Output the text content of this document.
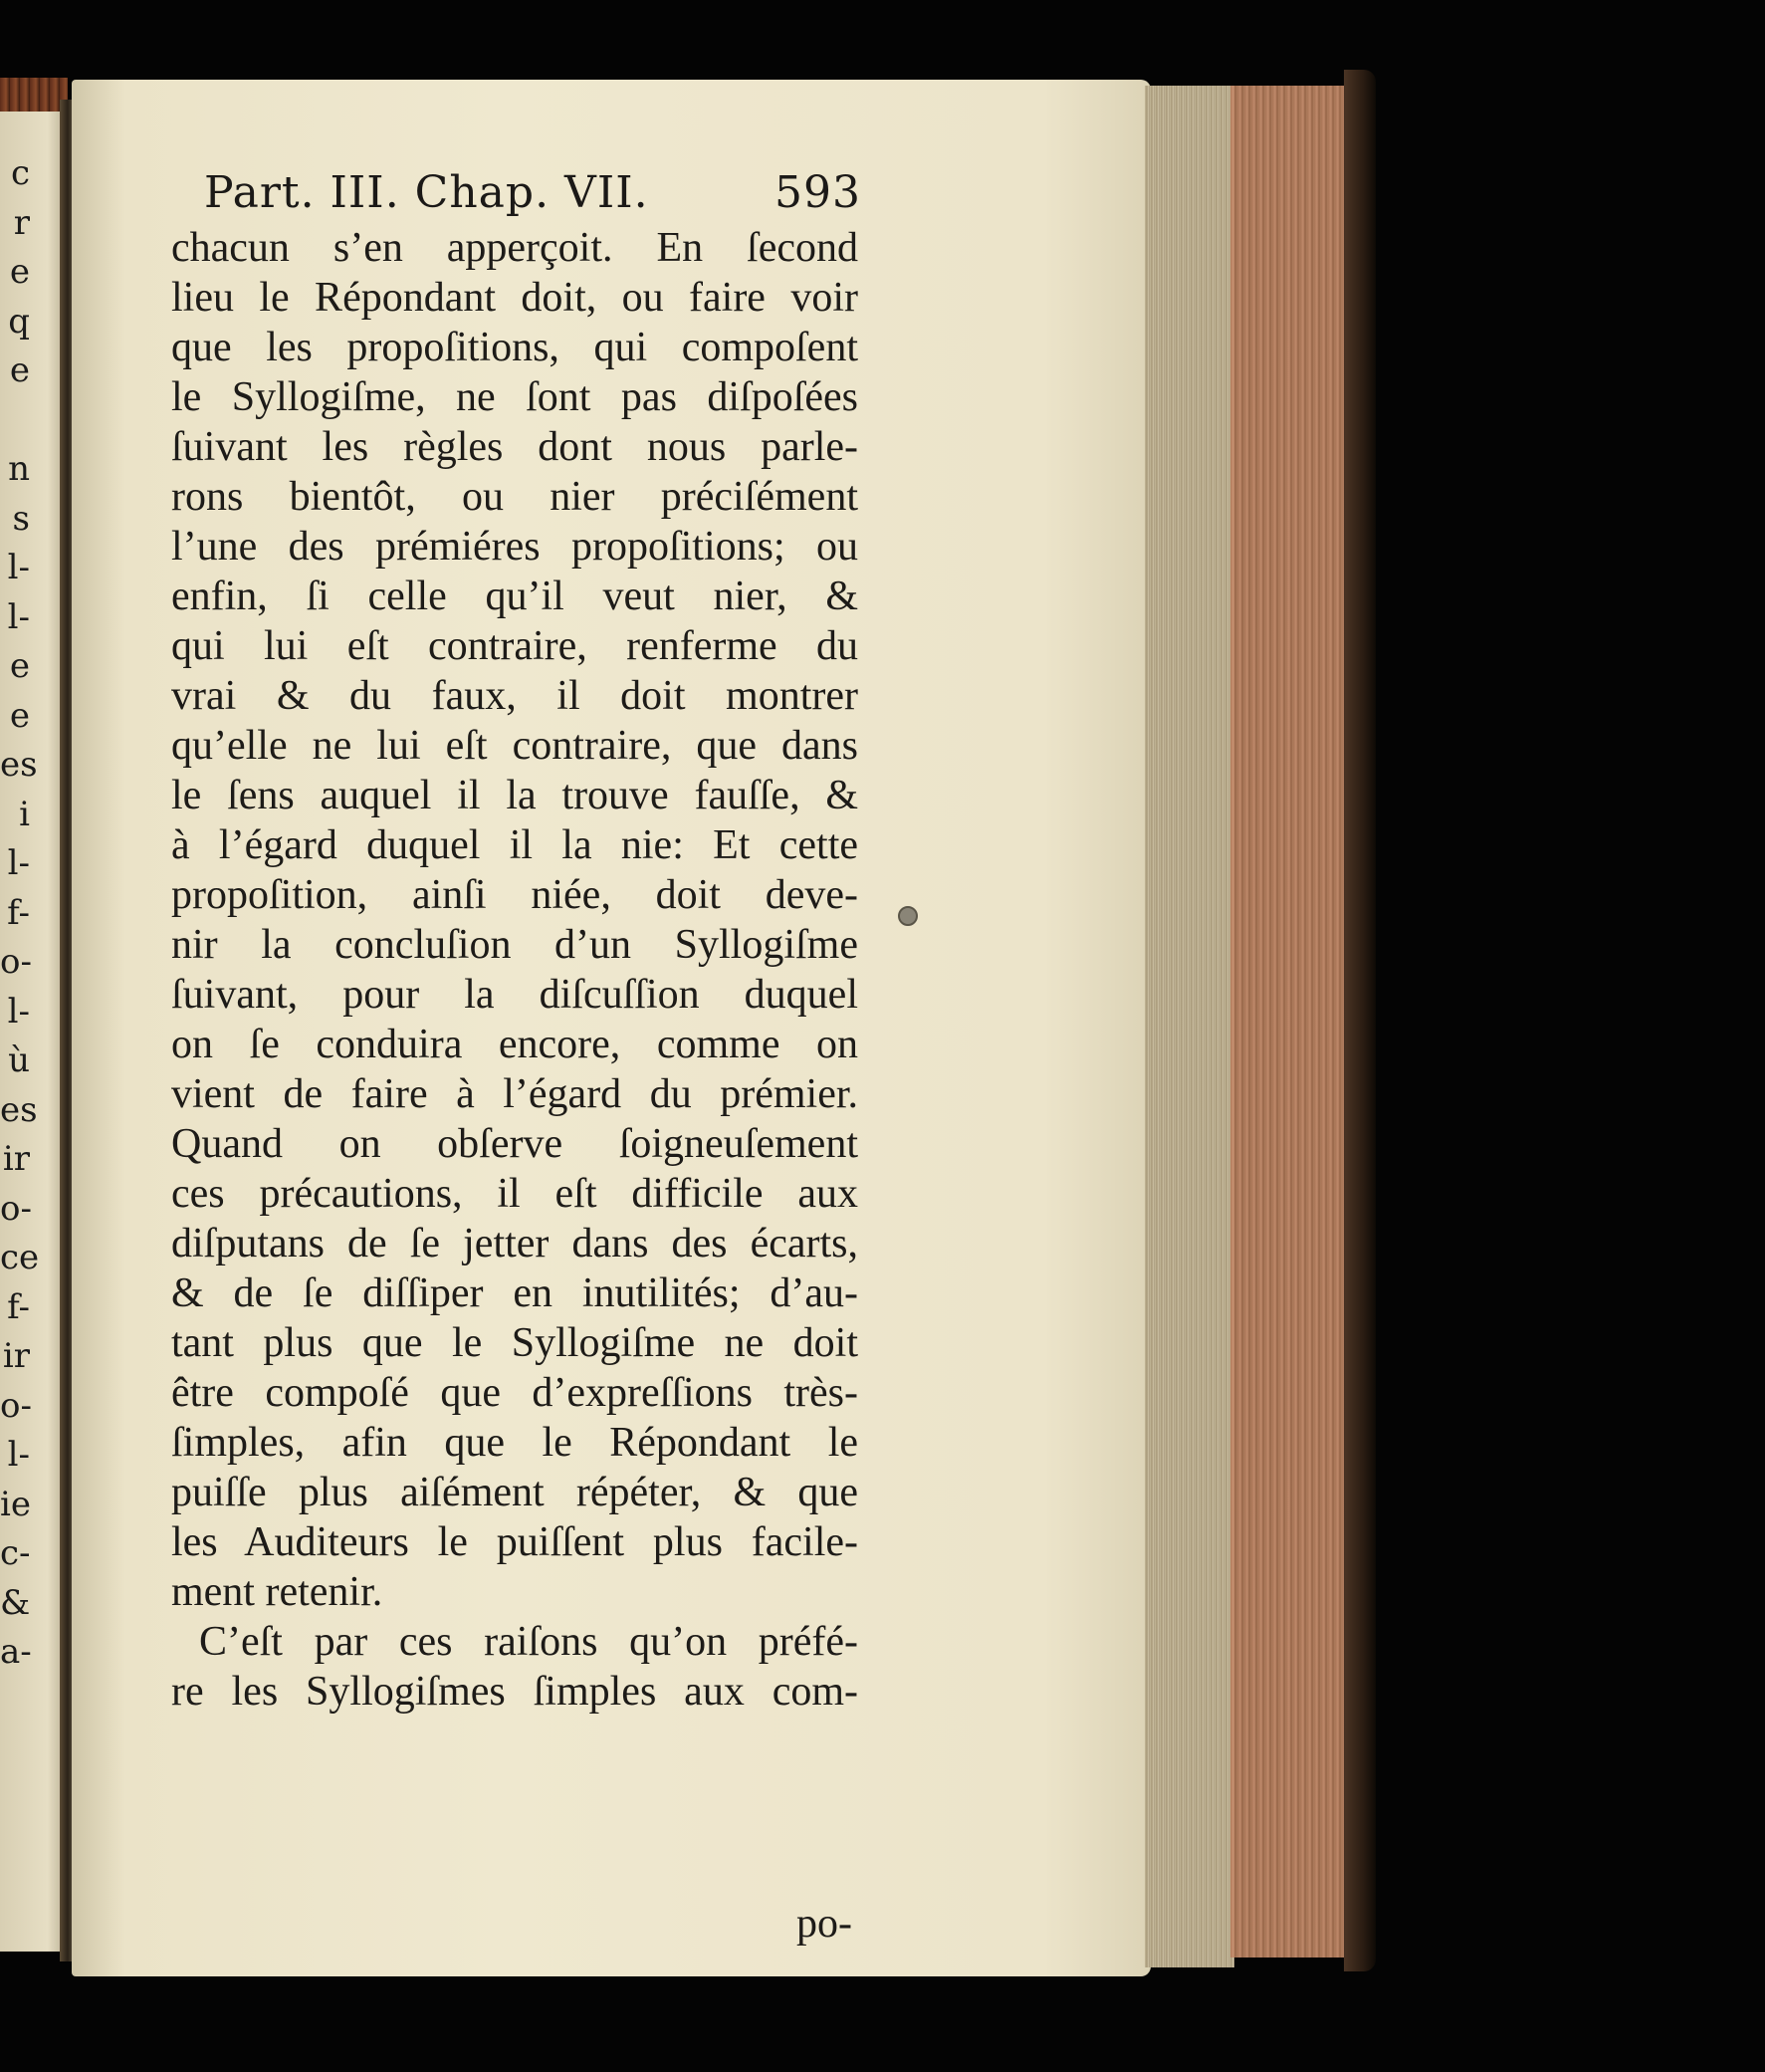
c
r
e
q
e
n
s
l-
l-
e
e
es
i
l-
f-
o-
l-
ù
es
ir
o-
ce
f-
ir
o-
l-
ie
c-
&
a-
Part. III. Chap. VII.	593
chacun s’en apperçoit. En ſecond
lieu le Répondant doit, ou faire voir
que les propoſitions, qui compoſent
le Syllogiſme, ne ſont pas diſpoſées
ſuivant les règles dont nous parle-
rons bientôt, ou nier préciſément
l’une des prémiéres propoſitions; ou
enfin, ſi celle qu’il veut nier, &
qui lui eſt contraire, renferme du
vrai & du faux, il doit montrer
qu’elle ne lui eſt contraire, que dans
le ſens auquel il la trouve fauſſe, &
à l’égard duquel il la nie: Et cette
propoſition, ainſi niée, doit deve-
nir la concluſion d’un Syllogiſme
ſuivant, pour la diſcuſſion duquel
on ſe conduira encore, comme on
vient de faire à l’égard du prémier.
Quand on obſerve ſoigneuſement
ces précautions, il eſt difficile aux
diſputans de ſe jetter dans des écarts,
& de ſe diſſiper en inutilités; d’au-
tant plus que le Syllogiſme ne doit
être compoſé que d’expreſſions très-
ſimples, afin que le Répondant le
puiſſe plus aiſément répéter, & que
les Auditeurs le puiſſent plus facile-
ment retenir.
C’eſt par ces raiſons qu’on préfé-
re les Syllogiſmes ſimples aux com-
po-
